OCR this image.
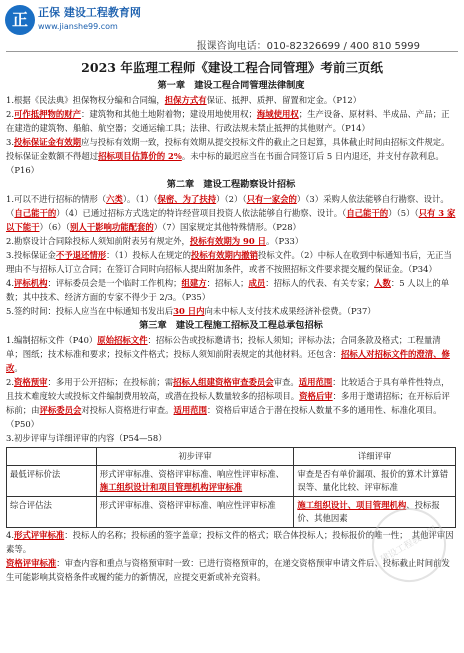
正 正保 建设工程教育网
www.jianshe99.com
报课咨询电话：010-82326699 / 400 810 5999
2023 年监理工程师《建设工程合同管理》考前三页纸

第一章　建设工程合同管理法律制度

1.根据《民法典》担保物权分编和合同编，担保方式有保证、抵押、质押、留置和定金。（P12）

2.可作抵押物的财产：建筑物和其他土地附着物；建设用地使用权；海域使用权；生产设备、原材料、半成品、产品；正在建造的建筑物、船舶、航空器；交通运输工具；法律、行政法规未禁止抵押的其他财产。（P14）

3.投标保证金有效期应与投标有效期一致，投标有效期从提交投标文件的截止之日起算，具体截止时间由招标文件规定。投标保证金数额不得超过招标项目估算价的 2%。未中标的最迟应当在书面合同签订后 5 日内退还，并支付存款利息。（P16）

第二章　建设工程勘察设计招标

1.可以不进行招标的情形（六类）。（1）（保密、为了扶持）（2）（只有一家会的）（3）采购人依法能够自行勘察、设计。（自己能干的）（4）已通过招标方式选定的特许经营项目投资人依法能够自行勘察、设计。（自己能干的）（5）（只有 3 家以下能干）（6）（别人干影响功能配套的）（7）国家规定其他特殊情形。（P28）

2.勘察设计合同除投标人须知前附表另有规定外，投标有效期为 90 日。（P33）

3.投标保证金不予退还情形：（1）投标人在规定的投标有效期内撤销投标文件。（2）中标人在收到中标通知书后，无正当理由不与招标人订立合同；在签订合同时向招标人提出附加条件，或者不按照招标文件要求提交履约保证金。（P34）

4.评标机构：评标委员会是一个临时工作机构；组建方：招标人；成员：招标人的代表、有关专家；人数：5 人以上的单数；其中技术、经济方面的专家不得少于 2/3。（P35）

5.签约时间：投标人应当在中标通知书发出后30 日内向未中标人支付技术成果经济补偿费。（P37）

第三章　建设工程施工招标及工程总承包招标

1.编制招标文件（P40）原始招标文件：招标公告或投标邀请书；投标人须知；评标办法；合同条款及格式；工程量清单；图纸；技术标准和要求；投标文件格式；投标人须知前附表规定的其他材料。还包含：招标人对招标文件的澄清、修改。

2.资格预审：多用于公开招标；在投标前；需招标人组建资格审查委员会审查。适用范围：比较适合于具有单件性特点，且技术难度较大或投标文件编制费用较高，或潜在投标人数量较多的招标项目。资格后审：多用于邀请招标；在开标后评标前；由评标委员会对投标人资格进行审查。适用范围：资格后审适合于潜在投标人数量不多的通用性、标准化项目。（P50）

3.初步评审与详细评审的内容（P54—58）

	初步评审	详细评审
最低评标价法	形式评审标准、资格评审标准、响应性评审标准、施工组织设计和项目管理机构评审标准	审查是否有单价漏项、报价的算术计算错误等、量化比较、评审标准
综合评估法	形式评审标准、资格评审标准、响应性评审标准	施工组织设计、项目管理机构、投标报价、其他因素

4.形式评审标准：投标人的名称；投标函的签字盖章；投标文件的格式；联合体投标人；投标报价的唯一性；　其他评审因素等。

资格评审标准：审查内容和重点与资格预审时一致：已进行资格预审的，在递交资格预审申请文件后、投标截止时间前发生可能影响其资格条件或履约能力的新情况，应提交更新或补充资料。

建设工程教育网
